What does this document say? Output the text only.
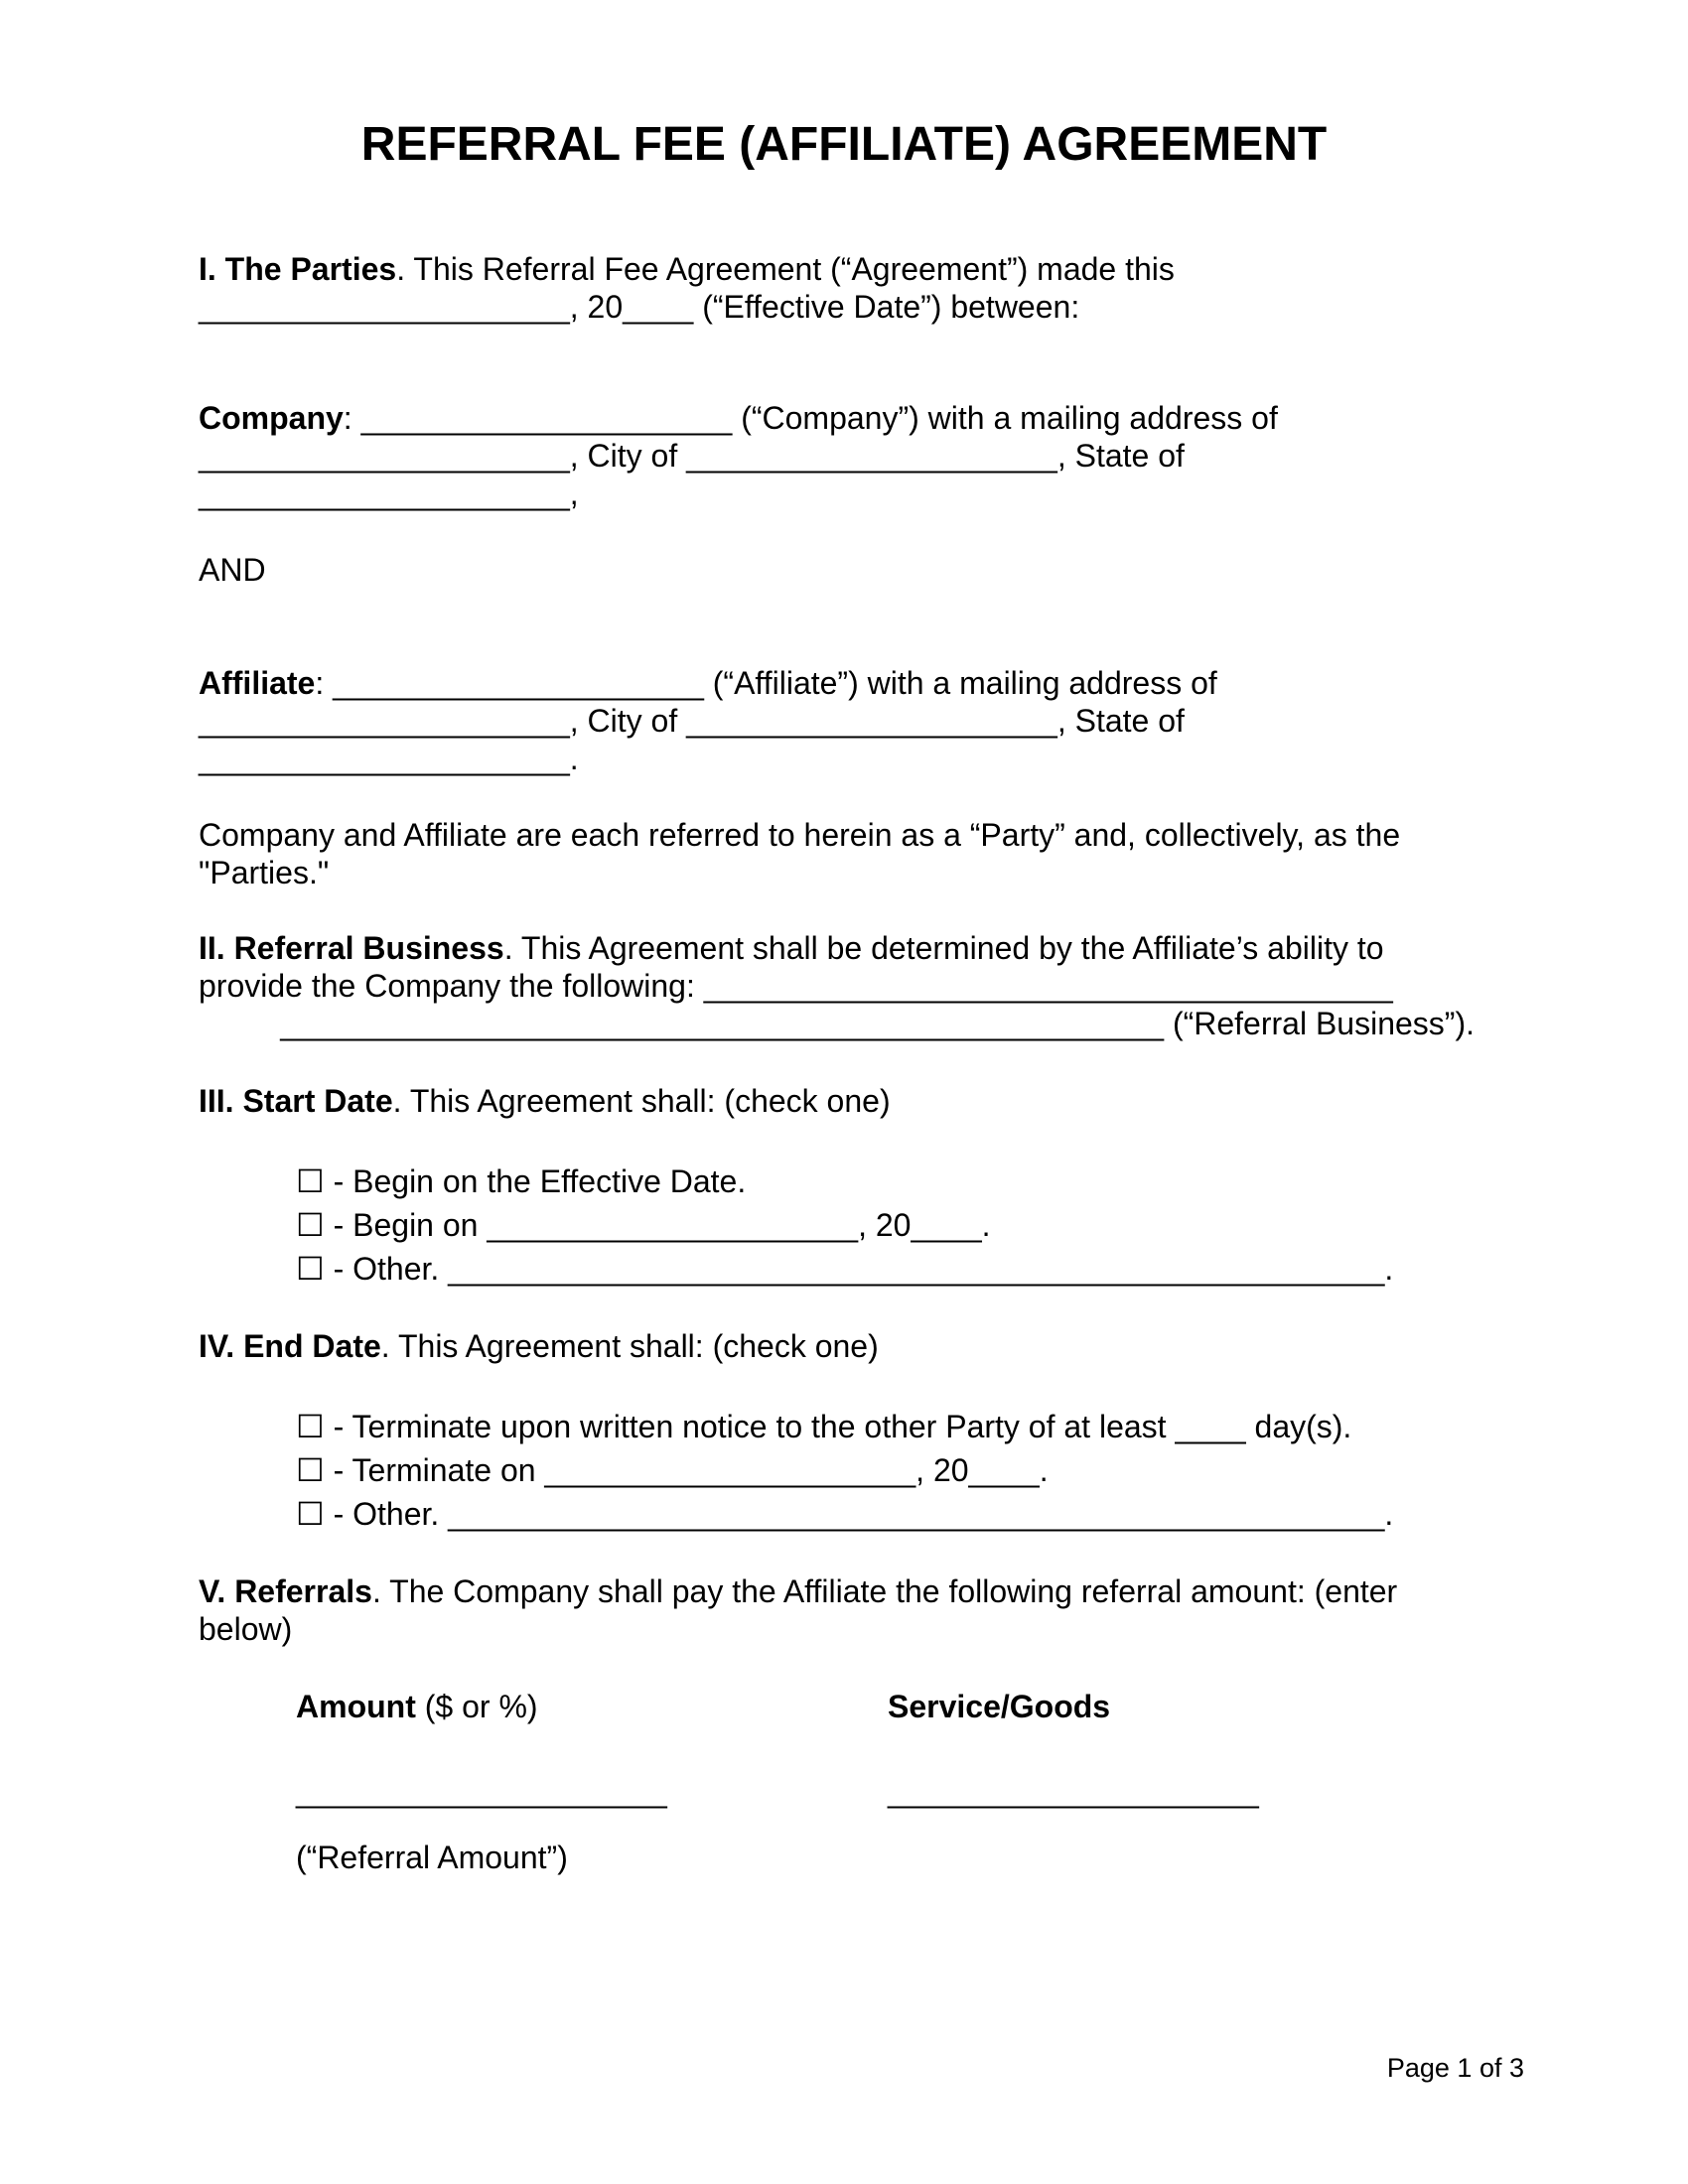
REFERRAL FEE (AFFILIATE) AGREEMENT
I. The Parties. This Referral Fee Agreement (“Agreement”) made this
_____________________, 20____ (“Effective Date”) between:
Company: _____________________ (“Company”) with a mailing address of
_____________________, City of _____________________, State of
_____________________,
AND
Affiliate: _____________________ (“Affiliate”) with a mailing address of
_____________________, City of _____________________, State of
_____________________.
Company and Affiliate are each referred to herein as a “Party” and, collectively, as the
"Parties."
II. Referral Business. This Agreement shall be determined by the Affiliate’s ability to
provide the Company the following: _______________________________________
__________________________________________________ (“Referral Business”).
III. Start Date. This Agreement shall: (check one)
☐ - Begin on the Effective Date.
☐ - Begin on _____________________, 20____.
☐ - Other. _____________________________________________________.
IV. End Date. This Agreement shall: (check one)
☐ - Terminate upon written notice to the other Party of at least ____ day(s).
☐ - Terminate on _____________________, 20____.
☐ - Other. _____________________________________________________.
V. Referrals. The Company shall pay the Affiliate the following referral amount: (enter
below)
Amount ($ or %)	Service/Goods
_____________________	_____________________
(“Referral Amount”)
Page 1 of 3
